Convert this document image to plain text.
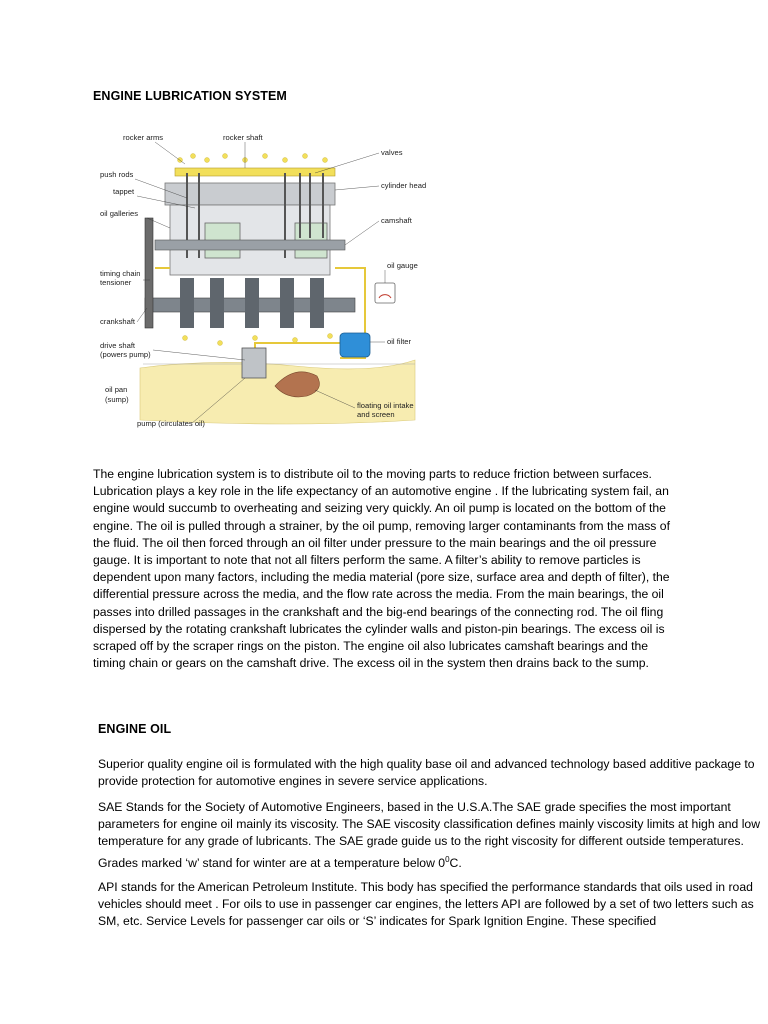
ENGINE LUBRICATION SYSTEM
rocker arms	rocker shaft
valves
push rods
tappet
cylinder head
oil galleries
camshaft
oil gauge
timing chain
tensioner
crankshaft
drive shaft
(powers pump)
oil filter
oil pan
(sump)
floating oil intake
and screen
pump (circulates oil)

The engine lubrication system is to distribute oil to the moving parts to reduce friction between surfaces. Lubrication plays a key role in the life expectancy of an automotive engine . If the lubricating system fail, an engine would succumb to overheating and seizing very quickly. An oil pump is located on the bottom of the engine. The oil is pulled through a strainer, by the oil pump, removing larger contaminants from the mass of the fluid. The oil then forced through an oil filter under pressure to the main bearings and the oil pressure gauge. It is important to note that not all filters perform the same. A filter’s ability to remove particles is dependent upon many factors, including the media material (pore size, surface area and depth of filter), the differential pressure across the media, and the flow rate across the media. From the main bearings, the oil passes into drilled passages in the crankshaft and the big-end bearings of the connecting rod. The oil fling dispersed by the rotating crankshaft lubricates the cylinder walls and piston-pin bearings. The excess oil is scraped off by the scraper rings on the piston. The engine oil also lubricates camshaft bearings and the timing chain or gears on the camshaft drive. The excess oil in the system then drains back to the sump.

ENGINE OIL

Superior quality engine oil is formulated with the high quality base oil and advanced technology based additive package to provide protection for automotive engines in severe service applications.

SAE Stands for the Society of Automotive Engineers, based in the U.S.A.The SAE grade specifies the most important parameters for engine oil mainly its viscosity. The SAE viscosity classification defines mainly viscosity limits at high and low temperature for any grade of lubricants. The SAE grade guide us to the right viscosity for different outside temperatures. Grades marked ‘w’ stand for winter are at a temperature below $0^0C$.

API stands for the American Petroleum Institute. This body has specified the performance standards that oils used in road vehicles should meet . For oils to use in passenger car engines, the letters API are followed by a set of two letters such as SM, etc. Service Levels for passenger car oils or ‘S’ indicates for Spark Ignition Engine. These specified
